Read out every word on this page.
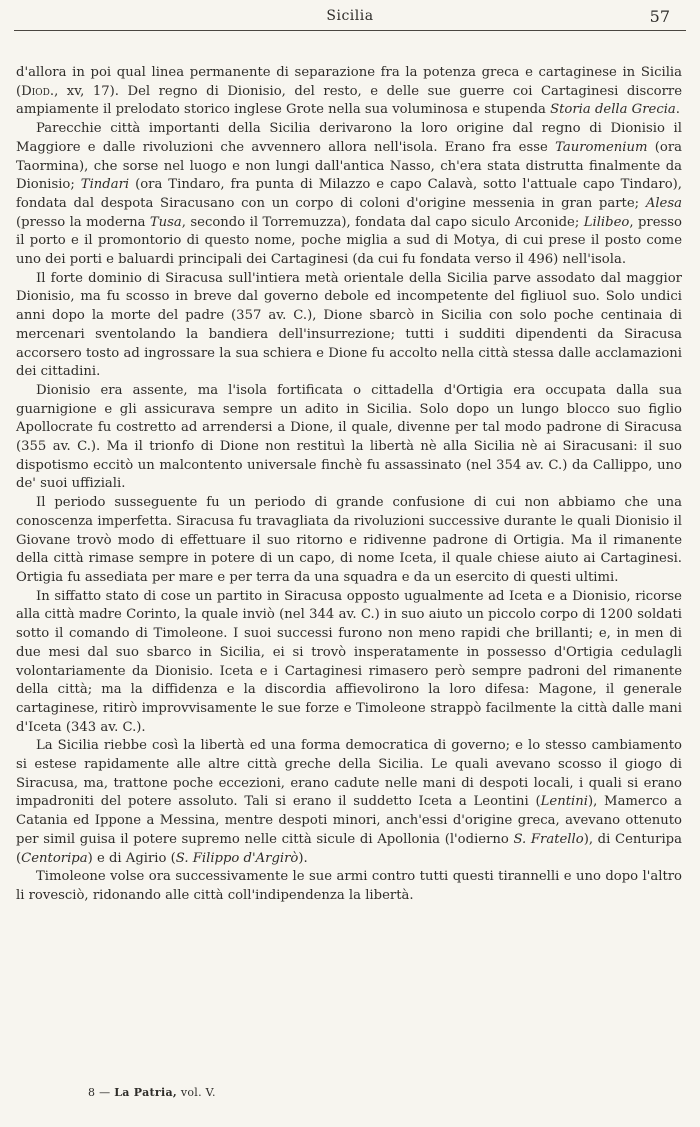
Sicilia	57

d'allora in poi qual linea permanente di separazione fra la potenza greca e cartaginese in Sicilia (Diod., xv, 17). Del regno di Dionisio, del resto, e delle sue guerre coi Cartaginesi discorre ampiamente il prelodato storico inglese Grote nella sua voluminosa e stupenda Storia della Grecia.

Parecchie città importanti della Sicilia derivarono la loro origine dal regno di Dionisio il Maggiore e dalle rivoluzioni che avvennero allora nell'isola. Erano fra esse Tauromenium (ora Taormina), che sorse nel luogo e non lungi dall'antica Nasso, ch'era stata distrutta finalmente da Dionisio; Tindari (ora Tindaro, fra punta di Milazzo e capo Calavà, sotto l'attuale capo Tindaro), fondata dal despota Siracusano con un corpo di coloni d'origine messenia in gran parte; Alesa (presso la moderna Tusa, secondo il Torremuzza), fondata dal capo siculo Arconide; Lilibeo, presso il porto e il promontorio di questo nome, poche miglia a sud di Motya, di cui prese il posto come uno dei porti e baluardi principali dei Cartaginesi (da cui fu fondata verso il 496) nell'isola.

Il forte dominio di Siracusa sull'intiera metà orientale della Sicilia parve assodato dal maggior Dionisio, ma fu scosso in breve dal governo debole ed incompetente del figliuol suo. Solo undici anni dopo la morte del padre (357 av. C.), Dione sbarcò in Sicilia con solo poche centinaia di mercenari sventolando la bandiera dell'insurrezione; tutti i sudditi dipendenti da Siracusa accorsero tosto ad ingrossare la sua schiera e Dione fu accolto nella città stessa dalle acclamazioni dei cittadini.

Dionisio era assente, ma l'isola fortificata o cittadella d'Ortigia era occupata dalla sua guarnigione e gli assicurava sempre un adito in Sicilia. Solo dopo un lungo blocco suo figlio Apollocrate fu costretto ad arrendersi a Dione, il quale, divenne per tal modo padrone di Siracusa (355 av. C.). Ma il trionfo di Dione non restituì la libertà nè alla Sicilia nè ai Siracusani: il suo dispotismo eccitò un malcontento universale finchè fu assassinato (nel 354 av. C.) da Callippo, uno de' suoi uffiziali.

Il periodo susseguente fu un periodo di grande confusione di cui non abbiamo che una conoscenza imperfetta. Siracusa fu travagliata da rivoluzioni successive durante le quali Dionisio il Giovane trovò modo di effettuare il suo ritorno e ridivenne padrone di Ortigia. Ma il rimanente della città rimase sempre in potere di un capo, di nome Iceta, il quale chiese aiuto ai Cartaginesi. Ortigia fu assediata per mare e per terra da una squadra e da un esercito di questi ultimi.

In siffatto stato di cose un partito in Siracusa opposto ugualmente ad Iceta e a Dionisio, ricorse alla città madre Corinto, la quale inviò (nel 344 av. C.) in suo aiuto un piccolo corpo di 1200 soldati sotto il comando di Timoleone. I suoi successi furono non meno rapidi che brillanti; e, in men di due mesi dal suo sbarco in Sicilia, ei si trovò insperatamente in possesso d'Ortigia cedulagli volontariamente da Dionisio. Iceta e i Cartaginesi rimasero però sempre padroni del rimanente della città; ma la diffidenza e la discordia affievolirono la loro difesa: Magone, il generale cartaginese, ritirò improvvisamente le sue forze e Timoleone strappò facilmente la città dalle mani d'Iceta (343 av. C.).

La Sicilia riebbe così la libertà ed una forma democratica di governo; e lo stesso cambiamento si estese rapidamente alle altre città greche della Sicilia. Le quali avevano scosso il giogo di Siracusa, ma, trattone poche eccezioni, erano cadute nelle mani di despoti locali, i quali si erano impadroniti del potere assoluto. Tali si erano il suddetto Iceta a Leontini (Lentini), Mamerco a Catania ed Ippone a Messina, mentre despoti minori, anch'essi d'origine greca, avevano ottenuto per simil guisa il potere supremo nelle città sicule di Apollonia (l'odierno S. Fratello), di Centuripa (Centoripa) e di Agirio (S. Filippo d'Argirò).

Timoleone volse ora successivamente le sue armi contro tutti questi tirannelli e uno dopo l'altro li rovesciò, ridonando alle città coll'indipendenza la libertà.

8 — La Patria, vol. V.
